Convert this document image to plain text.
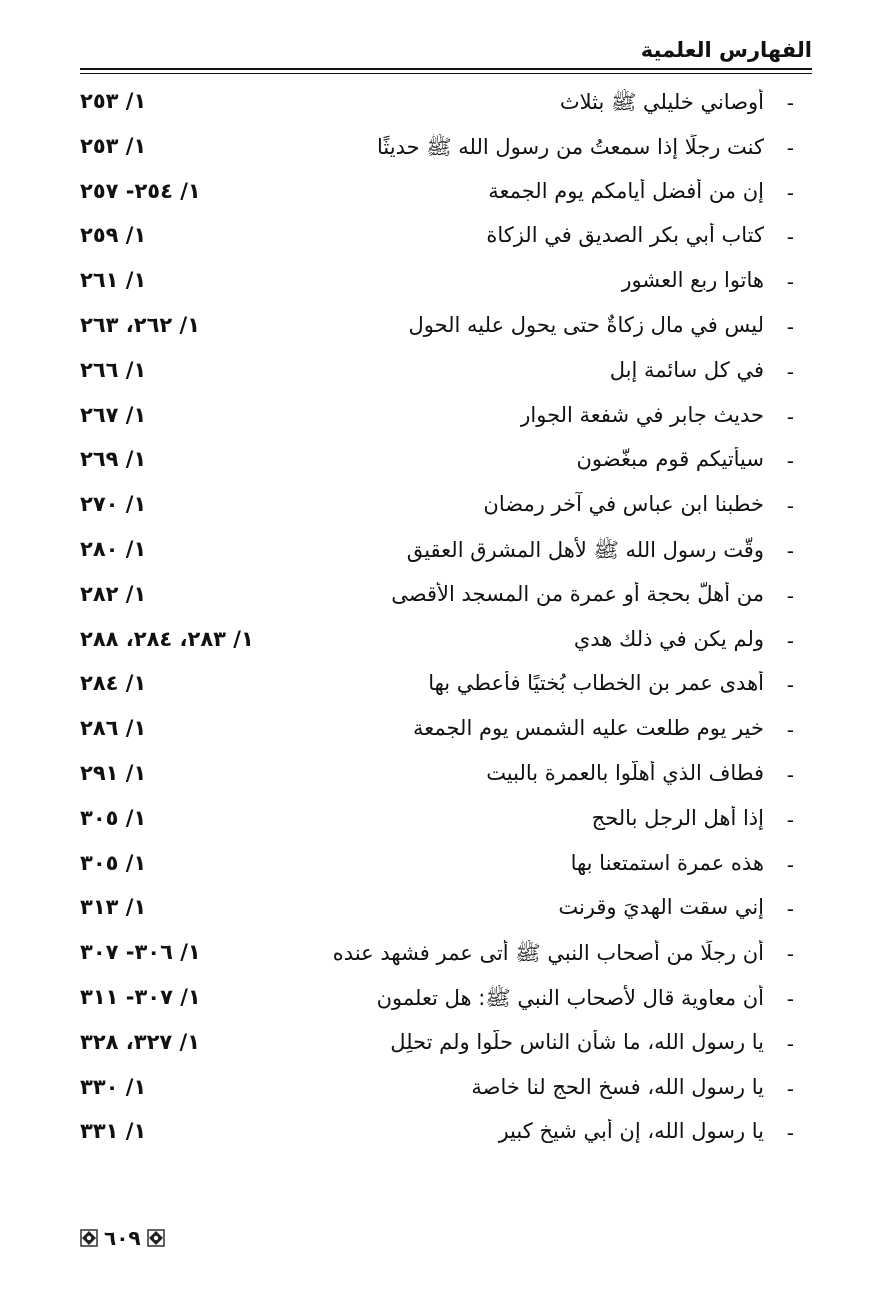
الفهارس العلمية
-
أوصاني خليلي ﷺ بثلاث
١/ ٢٥٣
-
كنت رجلًا إذا سمعتُ من رسول الله ﷺ حديثًا
١/ ٢٥٣
-
إن من أفضل أيامكم يوم الجمعة
١/ ٢٥٤- ٢٥٧
-
كتاب أبي بكر الصديق في الزكاة
١/ ٢٥٩
-
هاتوا ربع العشور
١/ ٢٦١
-
ليس في مالٍ زكاةٌ حتى يحول عليه الحول
١/ ٢٦٢، ٢٦٣
-
في كل سائمة إبل
١/ ٢٦٦
-
حديث جابر في شفعة الجوار
١/ ٢٦٧
-
سيأتيكم قوم مبغّضون
١/ ٢٦٩
-
خطبنا ابن عباس في آخر رمضان
١/ ٢٧٠
-
وقّت رسول الله ﷺ لأهل المشرق العقيق
١/ ٢٨٠
-
من أهلّ بحجة أو عمرة من المسجد الأقصى
١/ ٢٨٢
-
ولم يكن في ذلك هدي
١/ ٢٨٣، ٢٨٤، ٢٨٨
-
أهدى عمر بن الخطاب بُختيًا فأعطي بها
١/ ٢٨٤
-
خير يوم طلعت عليه الشمس يوم الجمعة
١/ ٢٨٦
-
فطاف الذي أهلّوا بالعمرة بالبيت
١/ ٢٩١
-
إذا أهل الرجل بالحج
١/ ٣٠٥
-
هذه عمرة استمتعنا بها
١/ ٣٠٥
-
إني سقت الهديَ وقرنت
١/ ٣١٣
-
أن رجلًا من أصحاب النبي ﷺ أتى عمر فشهد عنده
١/ ٣٠٦- ٣٠٧
-
أن معاوية قال لأصحاب النبي ﷺ: هل تعلمون
١/ ٣٠٧- ٣١١
-
يا رسول الله، ما شأن الناس حلّوا ولم تحلِل
١/ ٣٢٧، ٣٢٨
-
يا رسول الله، فسخ الحج لنا خاصة
١/ ٣٣٠
-
يا رسول الله، إن أبي شيخ كبير
١/ ٣٣١
٦٠٩
